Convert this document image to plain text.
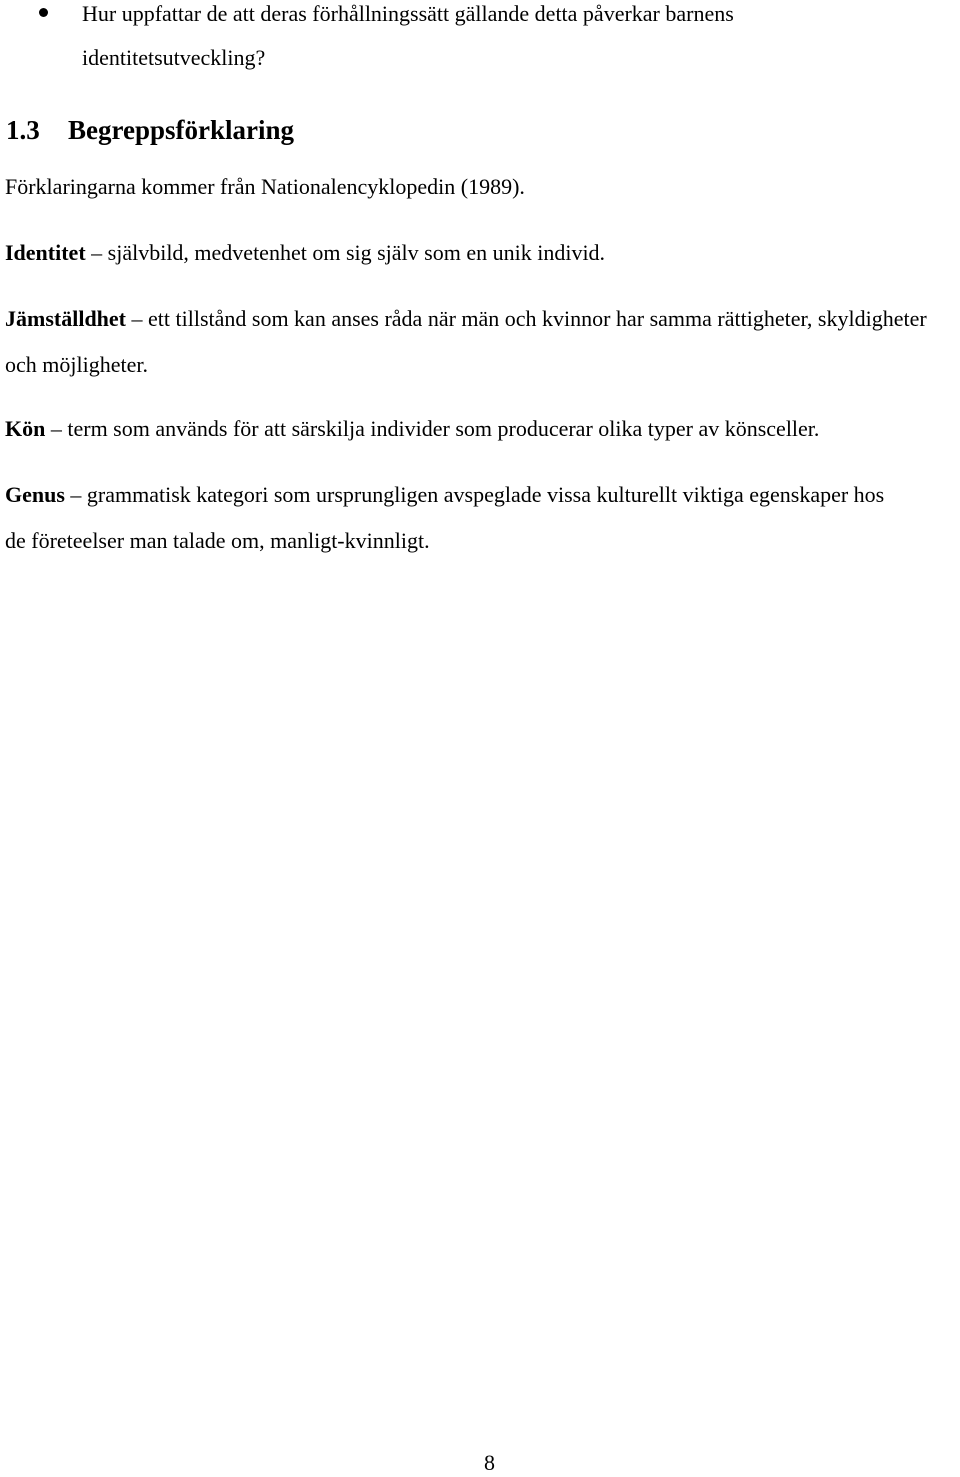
Hur uppfattar de att deras förhållningssätt gällande detta påverkar barnens identitetsutveckling?

1.3 Begreppsförklaring

Förklaringarna kommer från Nationalencyklopedin (1989).

Identitet – självbild, medvetenhet om sig själv som en unik individ.

Jämställdhet – ett tillstånd som kan anses råda när män och kvinnor har samma rättigheter, skyldigheter och möjligheter.

Kön – term som används för att särskilja individer som producerar olika typer av könsceller.

Genus – grammatisk kategori som ursprungligen avspeglade vissa kulturellt viktiga egenskaper hos de företeelser man talade om, manligt-kvinnligt.

8
